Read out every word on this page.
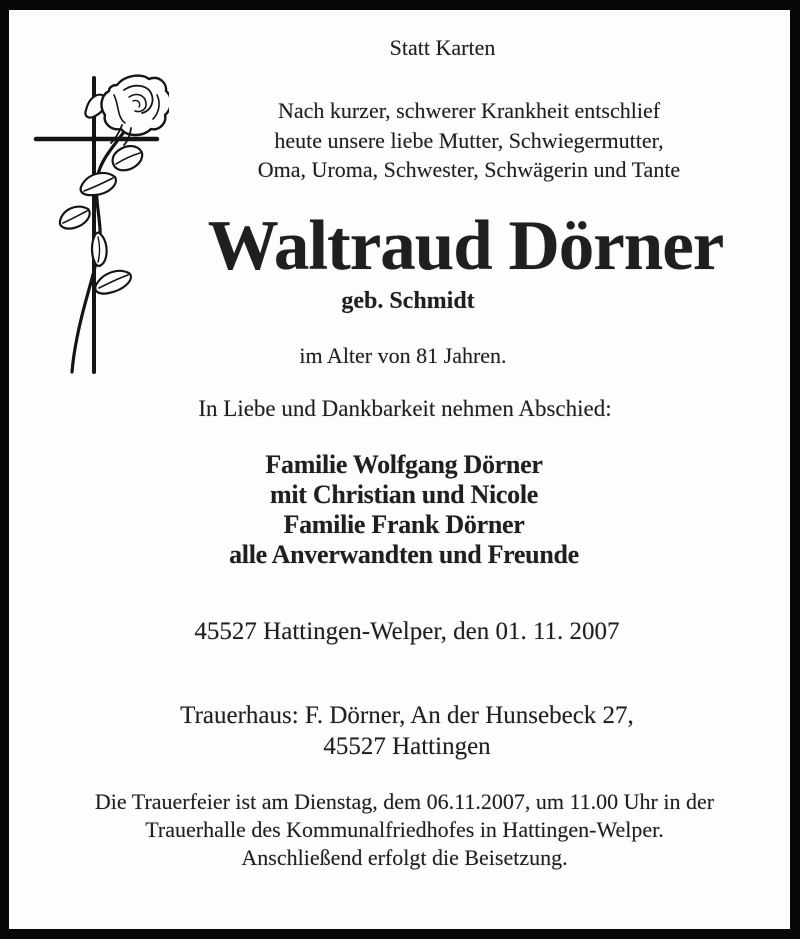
Statt Karten
Nach kurzer, schwerer Krankheit entschlief
heute unsere liebe Mutter, Schwiegermutter,
Oma, Uroma, Schwester, Schwägerin und Tante
Waltraud Dörner
geb. Schmidt
im Alter von 81 Jahren.
In Liebe und Dankbarkeit nehmen Abschied:
Familie Wolfgang Dörner
mit Christian und Nicole
Familie Frank Dörner
alle Anverwandten und Freunde
45527 Hattingen-Welper, den 01. 11. 2007
Trauerhaus: F. Dörner, An der Hunsebeck 27,
45527 Hattingen
Die Trauerfeier ist am Dienstag, dem 06.11.2007, um 11.00 Uhr in der
Trauerhalle des Kommunalfriedhofes in Hattingen-Welper.
Anschließend erfolgt die Beisetzung.
